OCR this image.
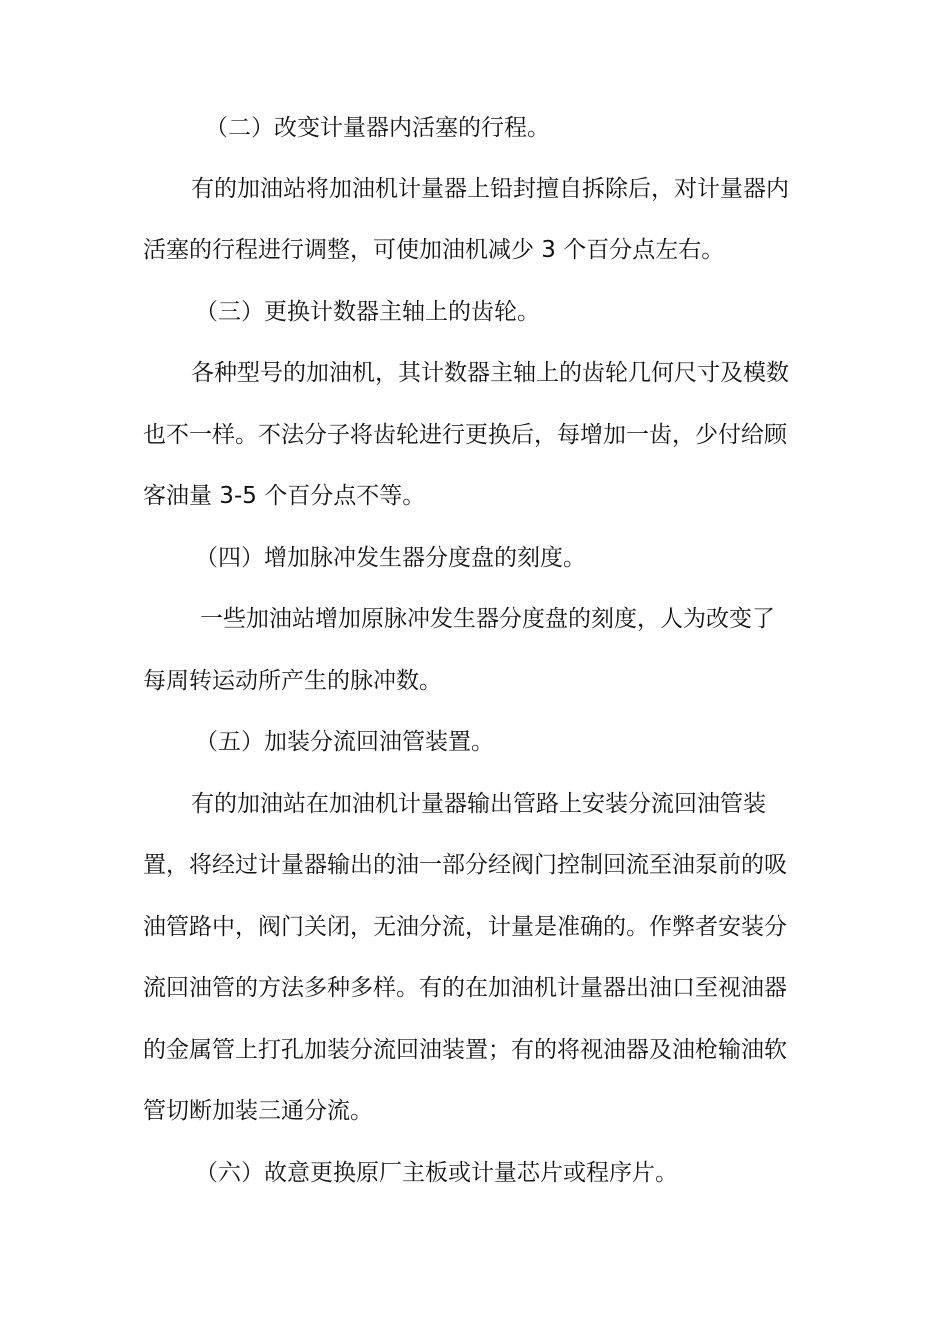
（二）改变计量器内活塞的行程。
有的加油站将加油机计量器上铅封擅自拆除后，对计量器内
活塞的行程进行调整，可使加油机减少 3 个百分点左右。
（三）更换计数器主轴上的齿轮。
各种型号的加油机，其计数器主轴上的齿轮几何尺寸及模数
也不一样。不法分子将齿轮进行更换后，每增加一齿，少付给顾
客油量 3-5 个百分点不等。
（四）增加脉冲发生器分度盘的刻度。
一些加油站增加原脉冲发生器分度盘的刻度，人为改变了
每周转运动所产生的脉冲数。
（五）加装分流回油管装置。
有的加油站在加油机计量器输出管路上安装分流回油管装
置，将经过计量器输出的油一部分经阀门控制回流至油泵前的吸
油管路中，阀门关闭，无油分流，计量是准确的。作弊者安装分
流回油管的方法多种多样。有的在加油机计量器出油口至视油器
的金属管上打孔加装分流回油装置；有的将视油器及油枪输油软
管切断加装三通分流。
（六）故意更换原厂主板或计量芯片或程序片。
